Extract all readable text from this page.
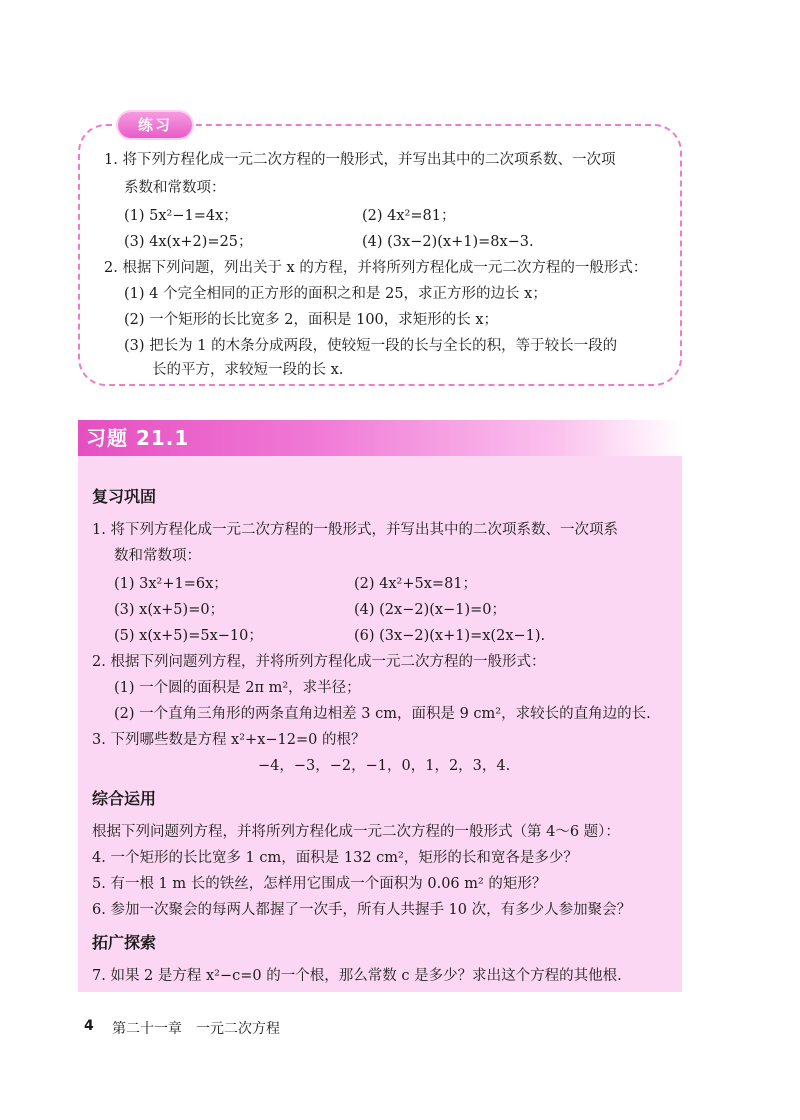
练习
1. 将下列方程化成一元二次方程的一般形式，并写出其中的二次项系数、一次项
系数和常数项：
(1) 5x²−1=4x；	(2) 4x²=81；
(3) 4x(x+2)=25；	(4) (3x−2)(x+1)=8x−3.
2. 根据下列问题，列出关于 x 的方程，并将所列方程化成一元二次方程的一般形式：
(1) 4 个完全相同的正方形的面积之和是 25，求正方形的边长 x；
(2) 一个矩形的长比宽多 2，面积是 100，求矩形的长 x；
(3) 把长为 1 的木条分成两段，使较短一段的长与全长的积，等于较长一段的
长的平方，求较短一段的长 x.
习题 21.1
复习巩固
1. 将下列方程化成一元二次方程的一般形式，并写出其中的二次项系数、一次项系
数和常数项：
(1) 3x²+1=6x；	(2) 4x²+5x=81；
(3) x(x+5)=0；	(4) (2x−2)(x−1)=0；
(5) x(x+5)=5x−10；	(6) (3x−2)(x+1)=x(2x−1).
2. 根据下列问题列方程，并将所列方程化成一元二次方程的一般形式：
(1) 一个圆的面积是 2π m²，求半径；
(2) 一个直角三角形的两条直角边相差 3 cm，面积是 9 cm²，求较长的直角边的长.
3. 下列哪些数是方程 x²+x−12=0 的根？
−4，−3，−2，−1，0，1，2，3，4.
综合运用
根据下列问题列方程，并将所列方程化成一元二次方程的一般形式（第 4～6 题）：
4. 一个矩形的长比宽多 1 cm，面积是 132 cm²，矩形的长和宽各是多少？
5. 有一根 1 m 长的铁丝，怎样用它围成一个面积为 0.06 m² 的矩形？
6. 参加一次聚会的每两人都握了一次手，所有人共握手 10 次，有多少人参加聚会？
拓广探索
7. 如果 2 是方程 x²−c=0 的一个根，那么常数 c 是多少？求出这个方程的其他根.
4 第二十一章　一元二次方程
